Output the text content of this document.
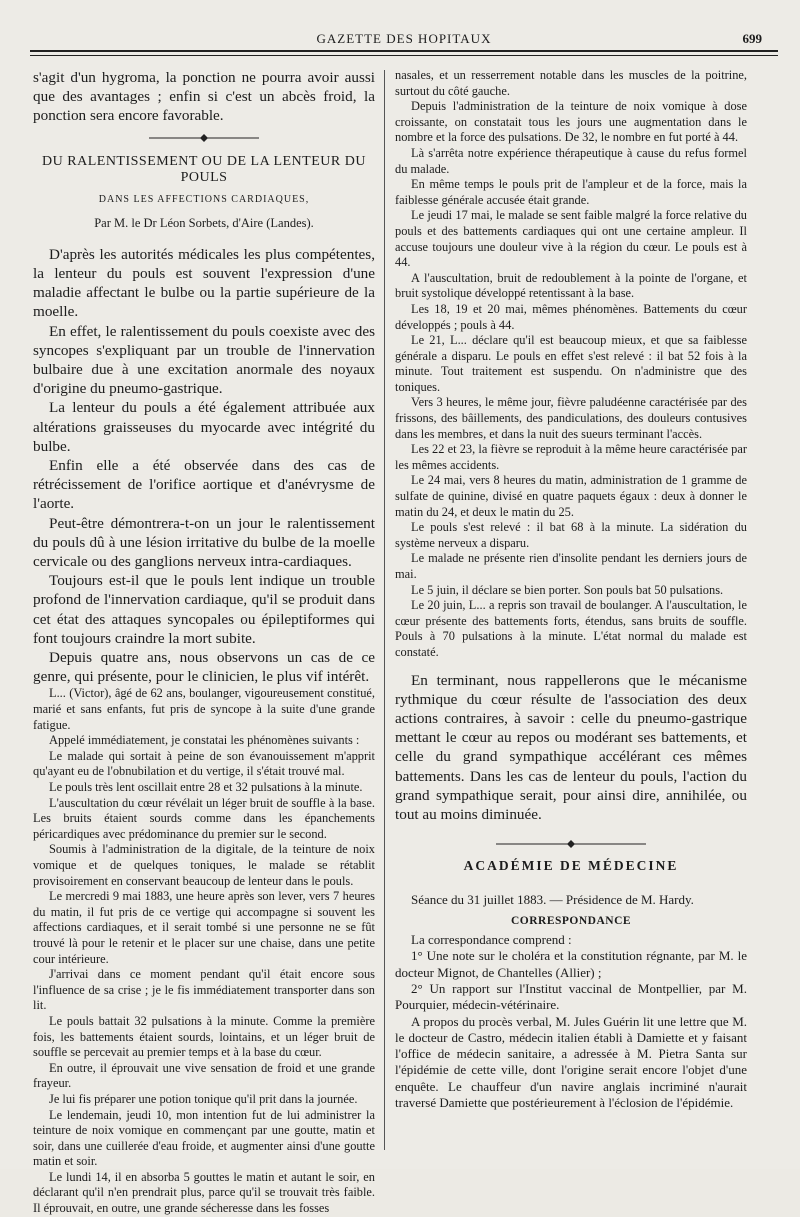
GAZETTE DES HOPITAUX	699

s'agit d'un hygroma, la ponction ne pourra avoir aussi que des avantages ; enfin si c'est un abcès froid, la ponction sera encore favorable.

DU RALENTISSEMENT OU DE LA LENTEUR DU POULS

DANS LES AFFECTIONS CARDIAQUES,

Par M. le Dr Léon Sorbets, d'Aire (Landes).

D'après les autorités médicales les plus compétentes, la lenteur du pouls est souvent l'expression d'une maladie affectant le bulbe ou la partie supérieure de la moelle.

En effet, le ralentissement du pouls coexiste avec des syncopes s'expliquant par un trouble de l'innervation bulbaire due à une excitation anormale des noyaux d'origine du pneumo-gastrique.

La lenteur du pouls a été également attribuée aux altérations graisseuses du myocarde avec intégrité du bulbe.

Enfin elle a été observée dans des cas de rétrécissement de l'orifice aortique et d'anévrysme de l'aorte.

Peut-être démontrera-t-on un jour le ralentissement du pouls dû à une lésion irritative du bulbe de la moelle cervicale ou des ganglions nerveux intra-cardiaques.

Toujours est-il que le pouls lent indique un trouble profond de l'innervation cardiaque, qu'il se produit dans cet état des attaques syncopales ou épileptiformes qui font toujours craindre la mort subite.

Depuis quatre ans, nous observons un cas de ce genre, qui présente, pour le clinicien, le plus vif intérêt.

L... (Victor), âgé de 62 ans, boulanger, vigoureusement constitué, marié et sans enfants, fut pris de syncope à la suite d'une grande fatigue.

Appelé immédiatement, je constatai les phénomènes suivants :

Le malade qui sortait à peine de son évanouissement m'apprit qu'ayant eu de l'obnubilation et du vertige, il s'était trouvé mal.

Le pouls très lent oscillait entre 28 et 32 pulsations à la minute.

L'auscultation du cœur révélait un léger bruit de souffle à la base. Les bruits étaient sourds comme dans les épanchements péricardiques avec prédominance du premier sur le second.

Soumis à l'administration de la digitale, de la teinture de noix vomique et de quelques toniques, le malade se rétablit provisoirement en conservant beaucoup de lenteur dans le pouls.

Le mercredi 9 mai 1883, une heure après son lever, vers 7 heures du matin, il fut pris de ce vertige qui accompagne si souvent les affections cardiaques, et il serait tombé si une personne ne se fût trouvé là pour le retenir et le placer sur une chaise, dans une petite cour intérieure.

J'arrivai dans ce moment pendant qu'il était encore sous l'influence de sa crise ; je le fis immédiatement transporter dans son lit.

Le pouls battait 32 pulsations à la minute. Comme la première fois, les battements étaient sourds, lointains, et un léger bruit de souffle se percevait au premier temps et à la base du cœur.

En outre, il éprouvait une vive sensation de froid et une grande frayeur.

Je lui fis préparer une potion tonique qu'il prit dans la journée.

Le lendemain, jeudi 10, mon intention fut de lui administrer la teinture de noix vomique en commençant par une goutte, matin et soir, dans une cuillerée d'eau froide, et augmenter ainsi d'une goutte matin et soir.

Le lundi 14, il en absorba 5 gouttes le matin et autant le soir, en déclarant qu'il n'en prendrait plus, parce qu'il se trouvait très faible. Il éprouvait, en outre, une grande sécheresse dans les fosses

nasales, et un resserrement notable dans les muscles de la poitrine, surtout du côté gauche.

Depuis l'administration de la teinture de noix vomique à dose croissante, on constatait tous les jours une augmentation dans le nombre et la force des pulsations. De 32, le nombre en fut porté à 44.

Là s'arrêta notre expérience thérapeutique à cause du refus formel du malade.

En même temps le pouls prit de l'ampleur et de la force, mais la faiblesse générale accusée était grande.

Le jeudi 17 mai, le malade se sent faible malgré la force relative du pouls et des battements cardiaques qui ont une certaine ampleur. Il accuse toujours une douleur vive à la région du cœur. Le pouls est à 44.

A l'auscultation, bruit de redoublement à la pointe de l'organe, et bruit systolique développé retentissant à la base.

Les 18, 19 et 20 mai, mêmes phénomènes. Battements du cœur développés ; pouls à 44.

Le 21, L... déclare qu'il est beaucoup mieux, et que sa faiblesse générale a disparu. Le pouls en effet s'est relevé : il bat 52 fois à la minute. Tout traitement est suspendu. On n'administre que des toniques.

Vers 3 heures, le même jour, fièvre paludéenne caractérisée par des frissons, des bâillements, des pandiculations, des douleurs contusives dans les membres, et dans la nuit des sueurs terminant l'accès.

Les 22 et 23, la fièvre se reproduit à la même heure caractérisée par les mêmes accidents.

Le 24 mai, vers 8 heures du matin, administration de 1 gramme de sulfate de quinine, divisé en quatre paquets égaux : deux à donner le matin du 24, et deux le matin du 25.

Le pouls s'est relevé : il bat 68 à la minute. La sidération du système nerveux a disparu.

Le malade ne présente rien d'insolite pendant les derniers jours de mai.

Le 5 juin, il déclare se bien porter. Son pouls bat 50 pulsations.

Le 20 juin, L... a repris son travail de boulanger. A l'auscultation, le cœur présente des battements forts, étendus, sans bruits de souffle. Pouls à 70 pulsations à la minute. L'état normal du malade est constaté.

En terminant, nous rappellerons que le mécanisme rythmique du cœur résulte de l'association des deux actions contraires, à savoir : celle du pneumo-gastrique mettant le cœur au repos ou modérant ses battements, et celle du grand sympathique accélérant ces mêmes battements. Dans les cas de lenteur du pouls, l'action du grand sympathique serait, pour ainsi dire, annihilée, ou tout au moins diminuée.

ACADÉMIE DE MÉDECINE

Séance du 31 juillet 1883. — Présidence de M. Hardy.

CORRESPONDANCE

La correspondance comprend :

1° Une note sur le choléra et la constitution régnante, par M. le docteur Mignot, de Chantelles (Allier) ;

2° Un rapport sur l'Institut vaccinal de Montpellier, par M. Pourquier, médecin-vétérinaire.

A propos du procès verbal, M. Jules Guérin lit une lettre que M. le docteur de Castro, médecin italien établi à Damiette et y faisant l'office de médecin sanitaire, a adressée à M. Pietra Santa sur l'épidémie de cette ville, dont l'origine serait encore l'objet d'une enquête. Le chauffeur d'un navire anglais incriminé n'aurait traversé Damiette que postérieurement à l'éclosion de l'épidémie.
